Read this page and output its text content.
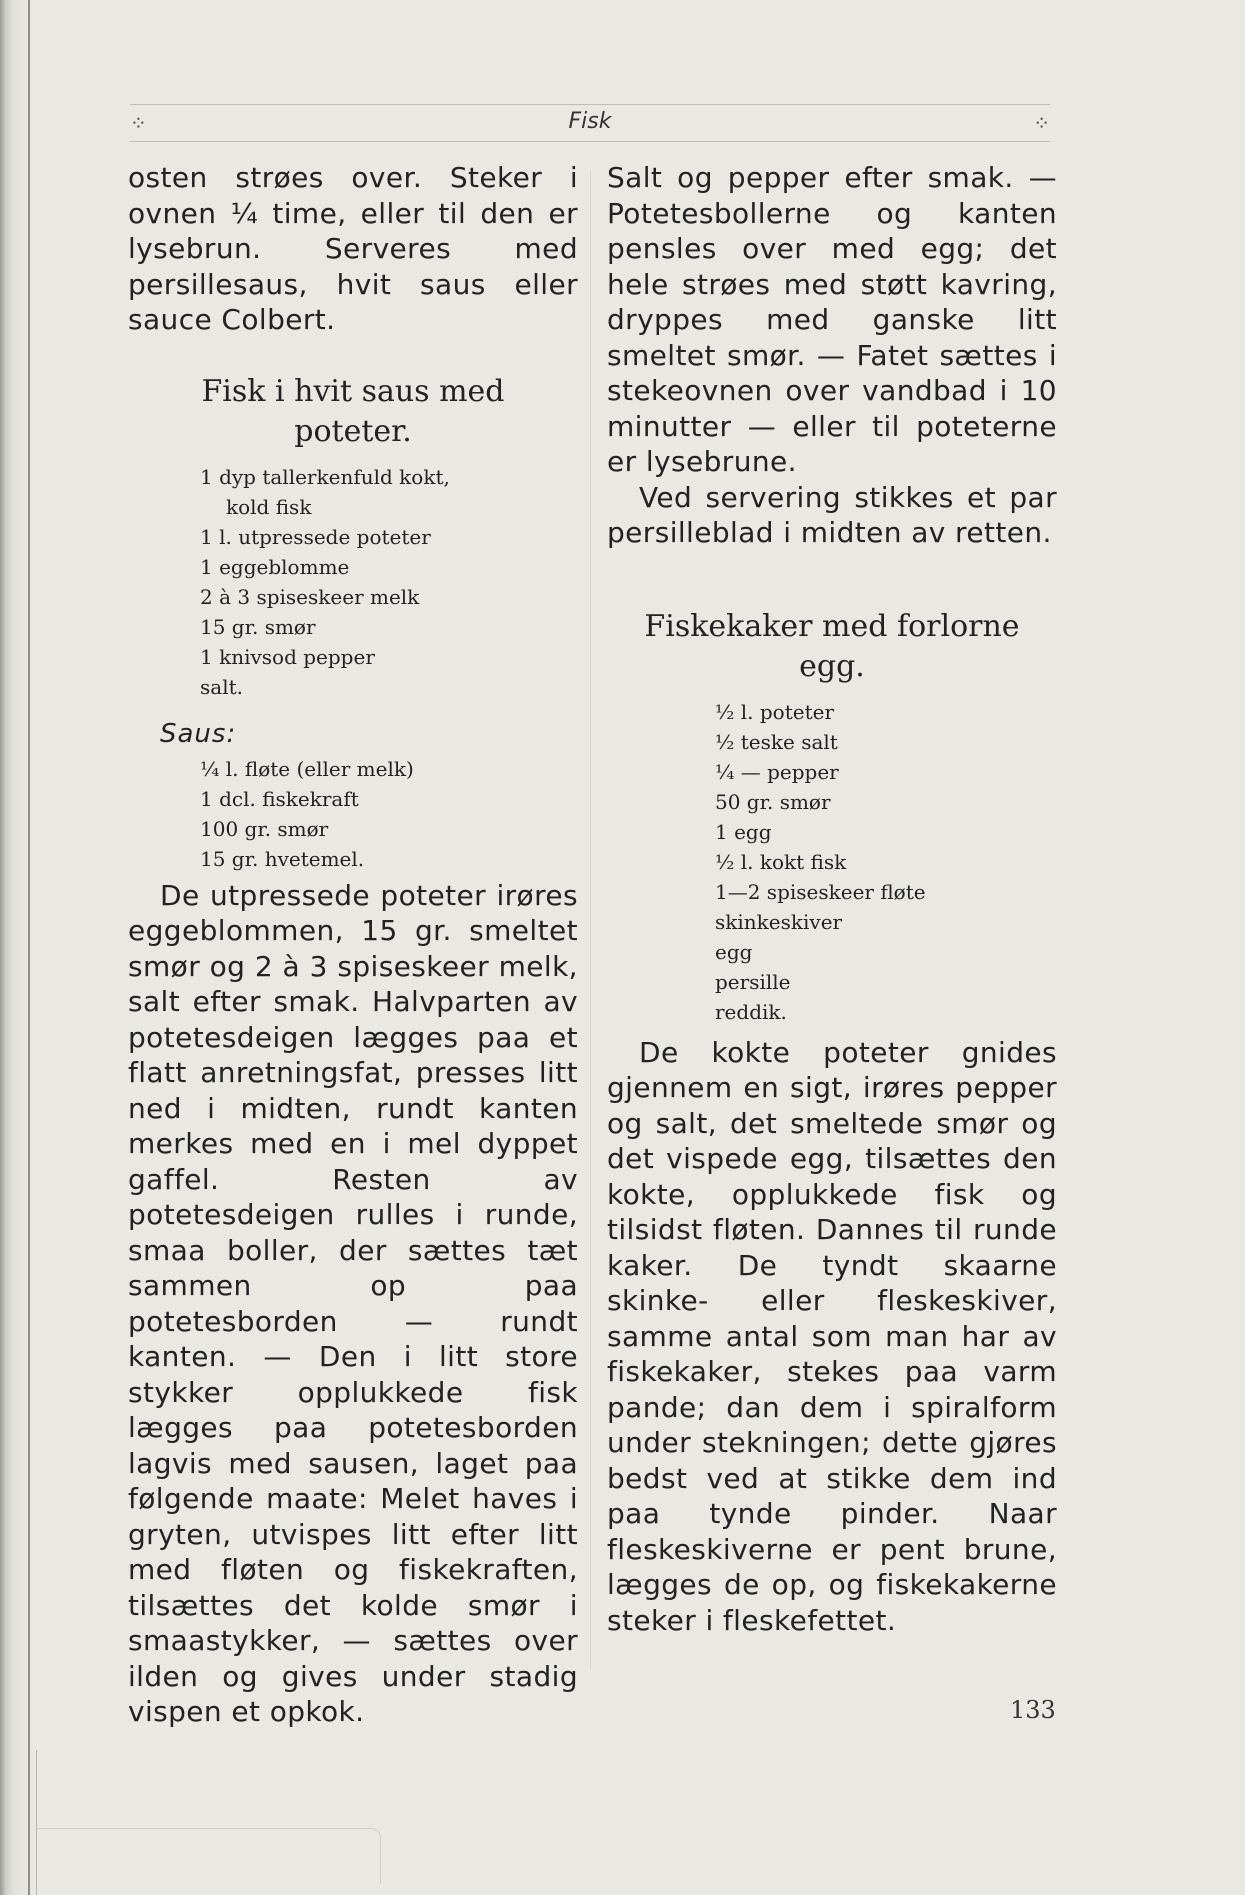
⁘	Fisk	⁘

osten strøes over. Steker i ovnen ¼ time, eller til den er lysebrun. Serveres med persillesaus, hvit saus eller sauce Colbert.

Fisk i hvit saus med poteter.
1 dyp tallerkenfuld kokt,
kold fisk
1 l. utpressede poteter
1 eggeblomme
2 à 3 spiseskeer melk
15 gr. smør
1 knivsod pepper
salt.

Saus:

¼ l. fløte (eller melk)
1 dcl. fiskekraft
100 gr. smør
15 gr. hvetemel.

De utpressede poteter irøres eggeblommen, 15 gr. smeltet smør og 2 à 3 spiseskeer melk, salt efter smak. Halvparten av potetesdeigen lægges paa et flatt anretningsfat, presses litt ned i midten, rundt kanten merkes med en i mel dyppet gaffel. Resten av potetesdeigen rulles i runde, smaa boller, der sættes tæt sammen op paa potetesborden — rundt kanten. — Den i litt store stykker opplukkede fisk lægges paa potetesborden lagvis med sausen, laget paa følgende maate: Melet haves i gryten, utvispes litt efter litt med fløten og fiskekraften, tilsættes det kolde smør i smaastykker, — sættes over ilden og gives under stadig vispen et opkok.

Salt og pepper efter smak. — Potetesbollerne og kanten pensles over med egg; det hele strøes med støtt kavring, dryppes med ganske litt smeltet smør. — Fatet sættes i stekeovnen over vandbad i 10 minutter — eller til poteterne er lysebrune.

Ved servering stikkes et par persilleblad i midten av retten.

Fiskekaker med forlorne egg.
½ l. poteter
½ teske salt
¼ — pepper
50 gr. smør
1 egg
½ l. kokt fisk
1—2 spiseskeer fløte
skinkeskiver
egg
persille
reddik.

De kokte poteter gnides gjennem en sigt, irøres pepper og salt, det smeltede smør og det vispede egg, tilsættes den kokte, opplukkede fisk og tilsidst fløten. Dannes til runde kaker. De tyndt skaarne skinke- eller fleskeskiver, samme antal som man har av fiskekaker, stekes paa varm pande; dan dem i spiralform under stekningen; dette gjøres bedst ved at stikke dem ind paa tynde pinder. Naar fleskeskiverne er pent brune, lægges de op, og fiskekakerne steker i fleskefettet.

133
